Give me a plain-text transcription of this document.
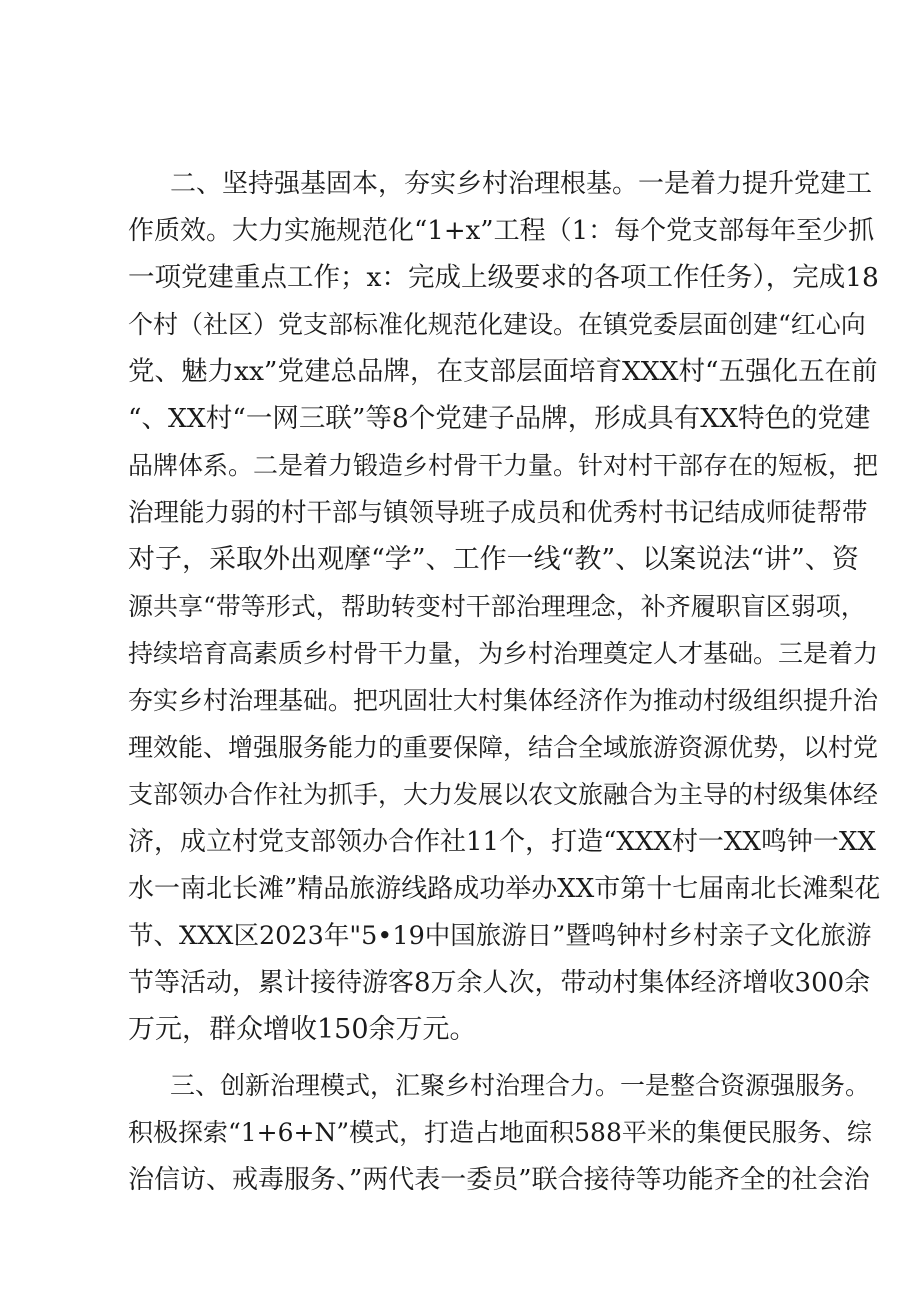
二、坚持强基固本，夯实乡村治理根基。一是着力提升党建工
作质效。大力实施规范化“1+x”工程（1：每个党支部每年至少抓
一项党建重点工作；x：完成上级要求的各项工作任务），完成18
个村（社区）党支部标准化规范化建设。在镇党委层面创建“红心向
党、魅力xx”党建总品牌，在支部层面培育XXX村“五强化五在前
“、XX村“一网三联”等8个党建子品牌，形成具有XX特色的党建
品牌体系。二是着力锻造乡村骨干力量。针对村干部存在的短板，把
治理能力弱的村干部与镇领导班子成员和优秀村书记结成师徒帮带
对子，采取外出观摩“学”、工作一线“教”、以案说法“讲”、资
源共享“带等形式，帮助转变村干部治理理念，补齐履职盲区弱项，
持续培育高素质乡村骨干力量，为乡村治理奠定人才基础。三是着力
夯实乡村治理基础。把巩固壮大村集体经济作为推动村级组织提升治
理效能、增强服务能力的重要保障，结合全域旅游资源优势，以村党
支部领办合作社为抓手，大力发展以农文旅融合为主导的村级集体经
济，成立村党支部领办合作社11个，打造“XXX村一XX鸣钟一XX
水一南北长滩”精品旅游线路成功举办XX市第十七届南北长滩梨花
节、XXX区2023年"5•19中国旅游日”暨鸣钟村乡村亲子文化旅游
节等活动，累计接待游客8万余人次，带动村集体经济增收300余
万元，群众增收150余万元。
三、创新治理模式，汇聚乡村治理合力。一是整合资源强服务。
积极探索“1+6+N”模式，打造占地面积588平米的集便民服务、综
治信访、戒毒服务、”两代表一委员”联合接待等功能齐全的社会治
